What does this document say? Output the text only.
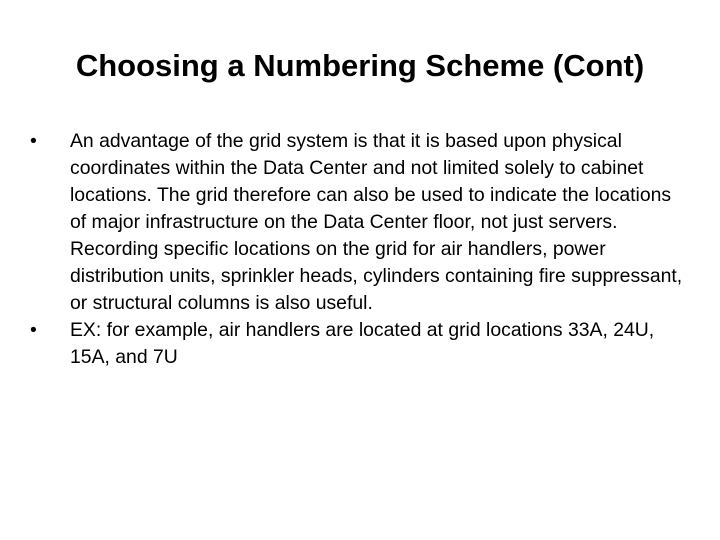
Choosing a Numbering Scheme (Cont)
•	An advantage of the grid system is that it is based upon physical coordinates within the Data Center and not limited solely to cabinet locations. The grid therefore can also be used to indicate the locations of major infrastructure on the Data Center floor, not just servers. Recording specific locations on the grid for air handlers, power distribution units, sprinkler heads, cylinders containing fire suppressant, or structural columns is also useful.
•	EX: for example, air handlers are located at grid locations 33A, 24U, 15A, and 7U
